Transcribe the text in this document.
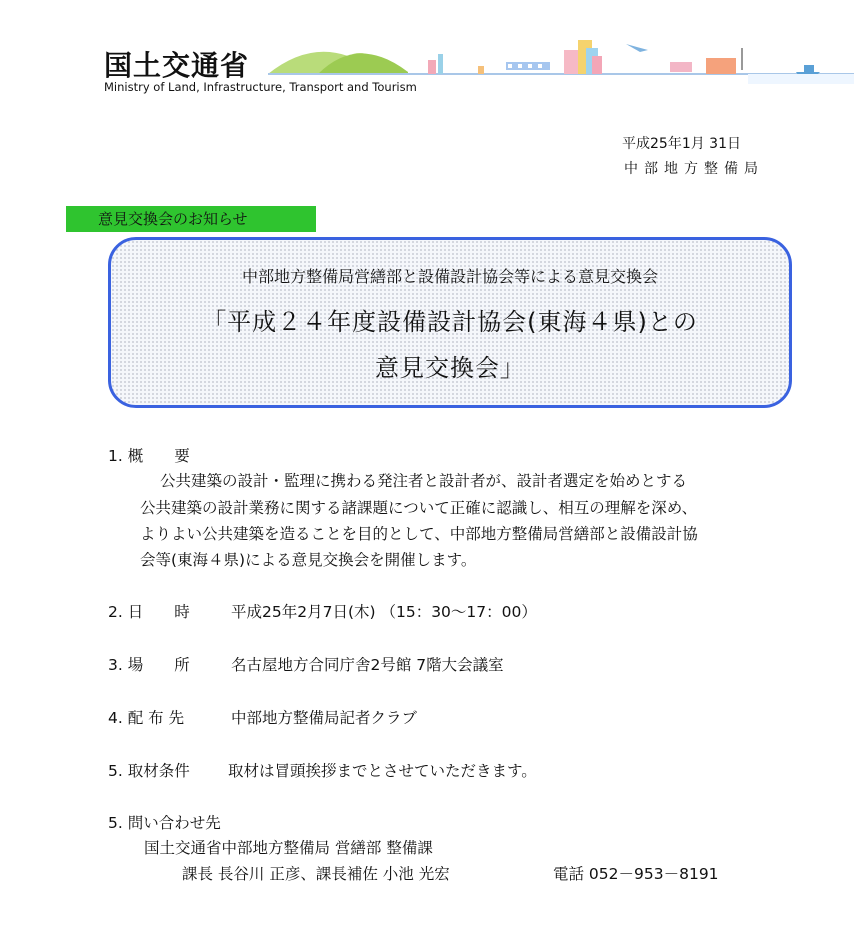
国土交通省
Ministry of Land, Infrastructure, Transport and Tourism
平成25年1月 31日
中部地方整備局
意見交換会のお知らせ
中部地方整備局営繕部と設備設計協会等による意見交換会
「平成２４年度設備設計協会(東海４県)との
意見交換会」
1. 概　　要
公共建築の設計・監理に携わる発注者と設計者が、設計者選定を始めとする
公共建築の設計業務に関する諸課題について正確に認識し、相互の理解を深め、
よりよい公共建築を造ることを目的として、中部地方整備局営繕部と設備設計協
会等(東海４県)による意見交換会を開催します。
2. 日　　時	平成25年2月7日(木) （15：30～17：00）
3. 場　　所	名古屋地方合同庁舎2号館 7階大会議室
4. 配 布 先	中部地方整備局記者クラブ
5. 取材条件 取材は冒頭挨拶までとさせていただきます。
5. 問い合わせ先
国土交通省中部地方整備局 営繕部 整備課
課長 長谷川 正彦、課長補佐 小池 光宏	電話 052－953－8191
